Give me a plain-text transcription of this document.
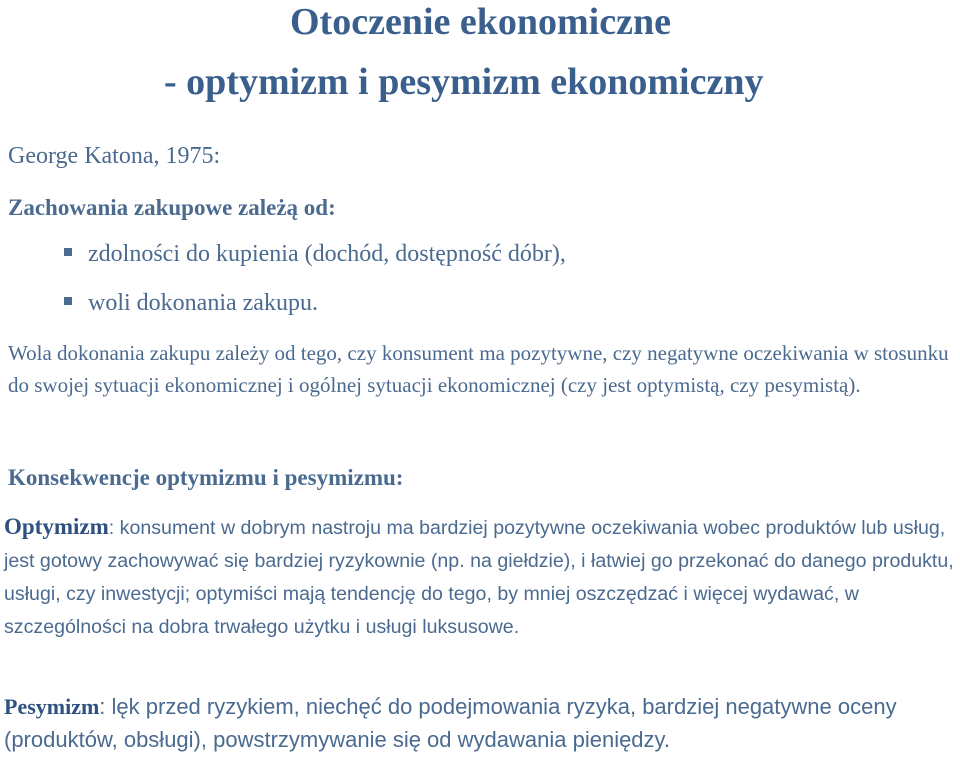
Otoczenie ekonomiczne
- optymizm i pesymizm ekonomiczny

George Katona, 1975:

Zachowania zakupowe zależą od:

zdolności do kupienia (dochód, dostępność dóbr),

woli dokonania zakupu.

Wola dokonania zakupu zależy od tego, czy konsument ma pozytywne, czy negatywne oczekiwania w stosunku do swojej sytuacji ekonomicznej i ogólnej sytuacji ekonomicznej (czy jest optymistą, czy pesymistą).

Konsekwencje optymizmu i pesymizmu:

Optymizm: konsument w dobrym nastroju ma bardziej pozytywne oczekiwania wobec produktów lub usług, jest gotowy zachowywać się bardziej ryzykownie (np. na giełdzie), i łatwiej go przekonać do danego produktu, usługi, czy inwestycji; optymiści mają tendencję do tego, by mniej oszczędzać i więcej wydawać, w szczególności na dobra trwałego użytku i usługi luksusowe.

Pesymizm: lęk przed ryzykiem, niechęć do podejmowania ryzyka, bardziej negatywne oceny (produktów, obsługi), powstrzymywanie się od wydawania pieniędzy.
